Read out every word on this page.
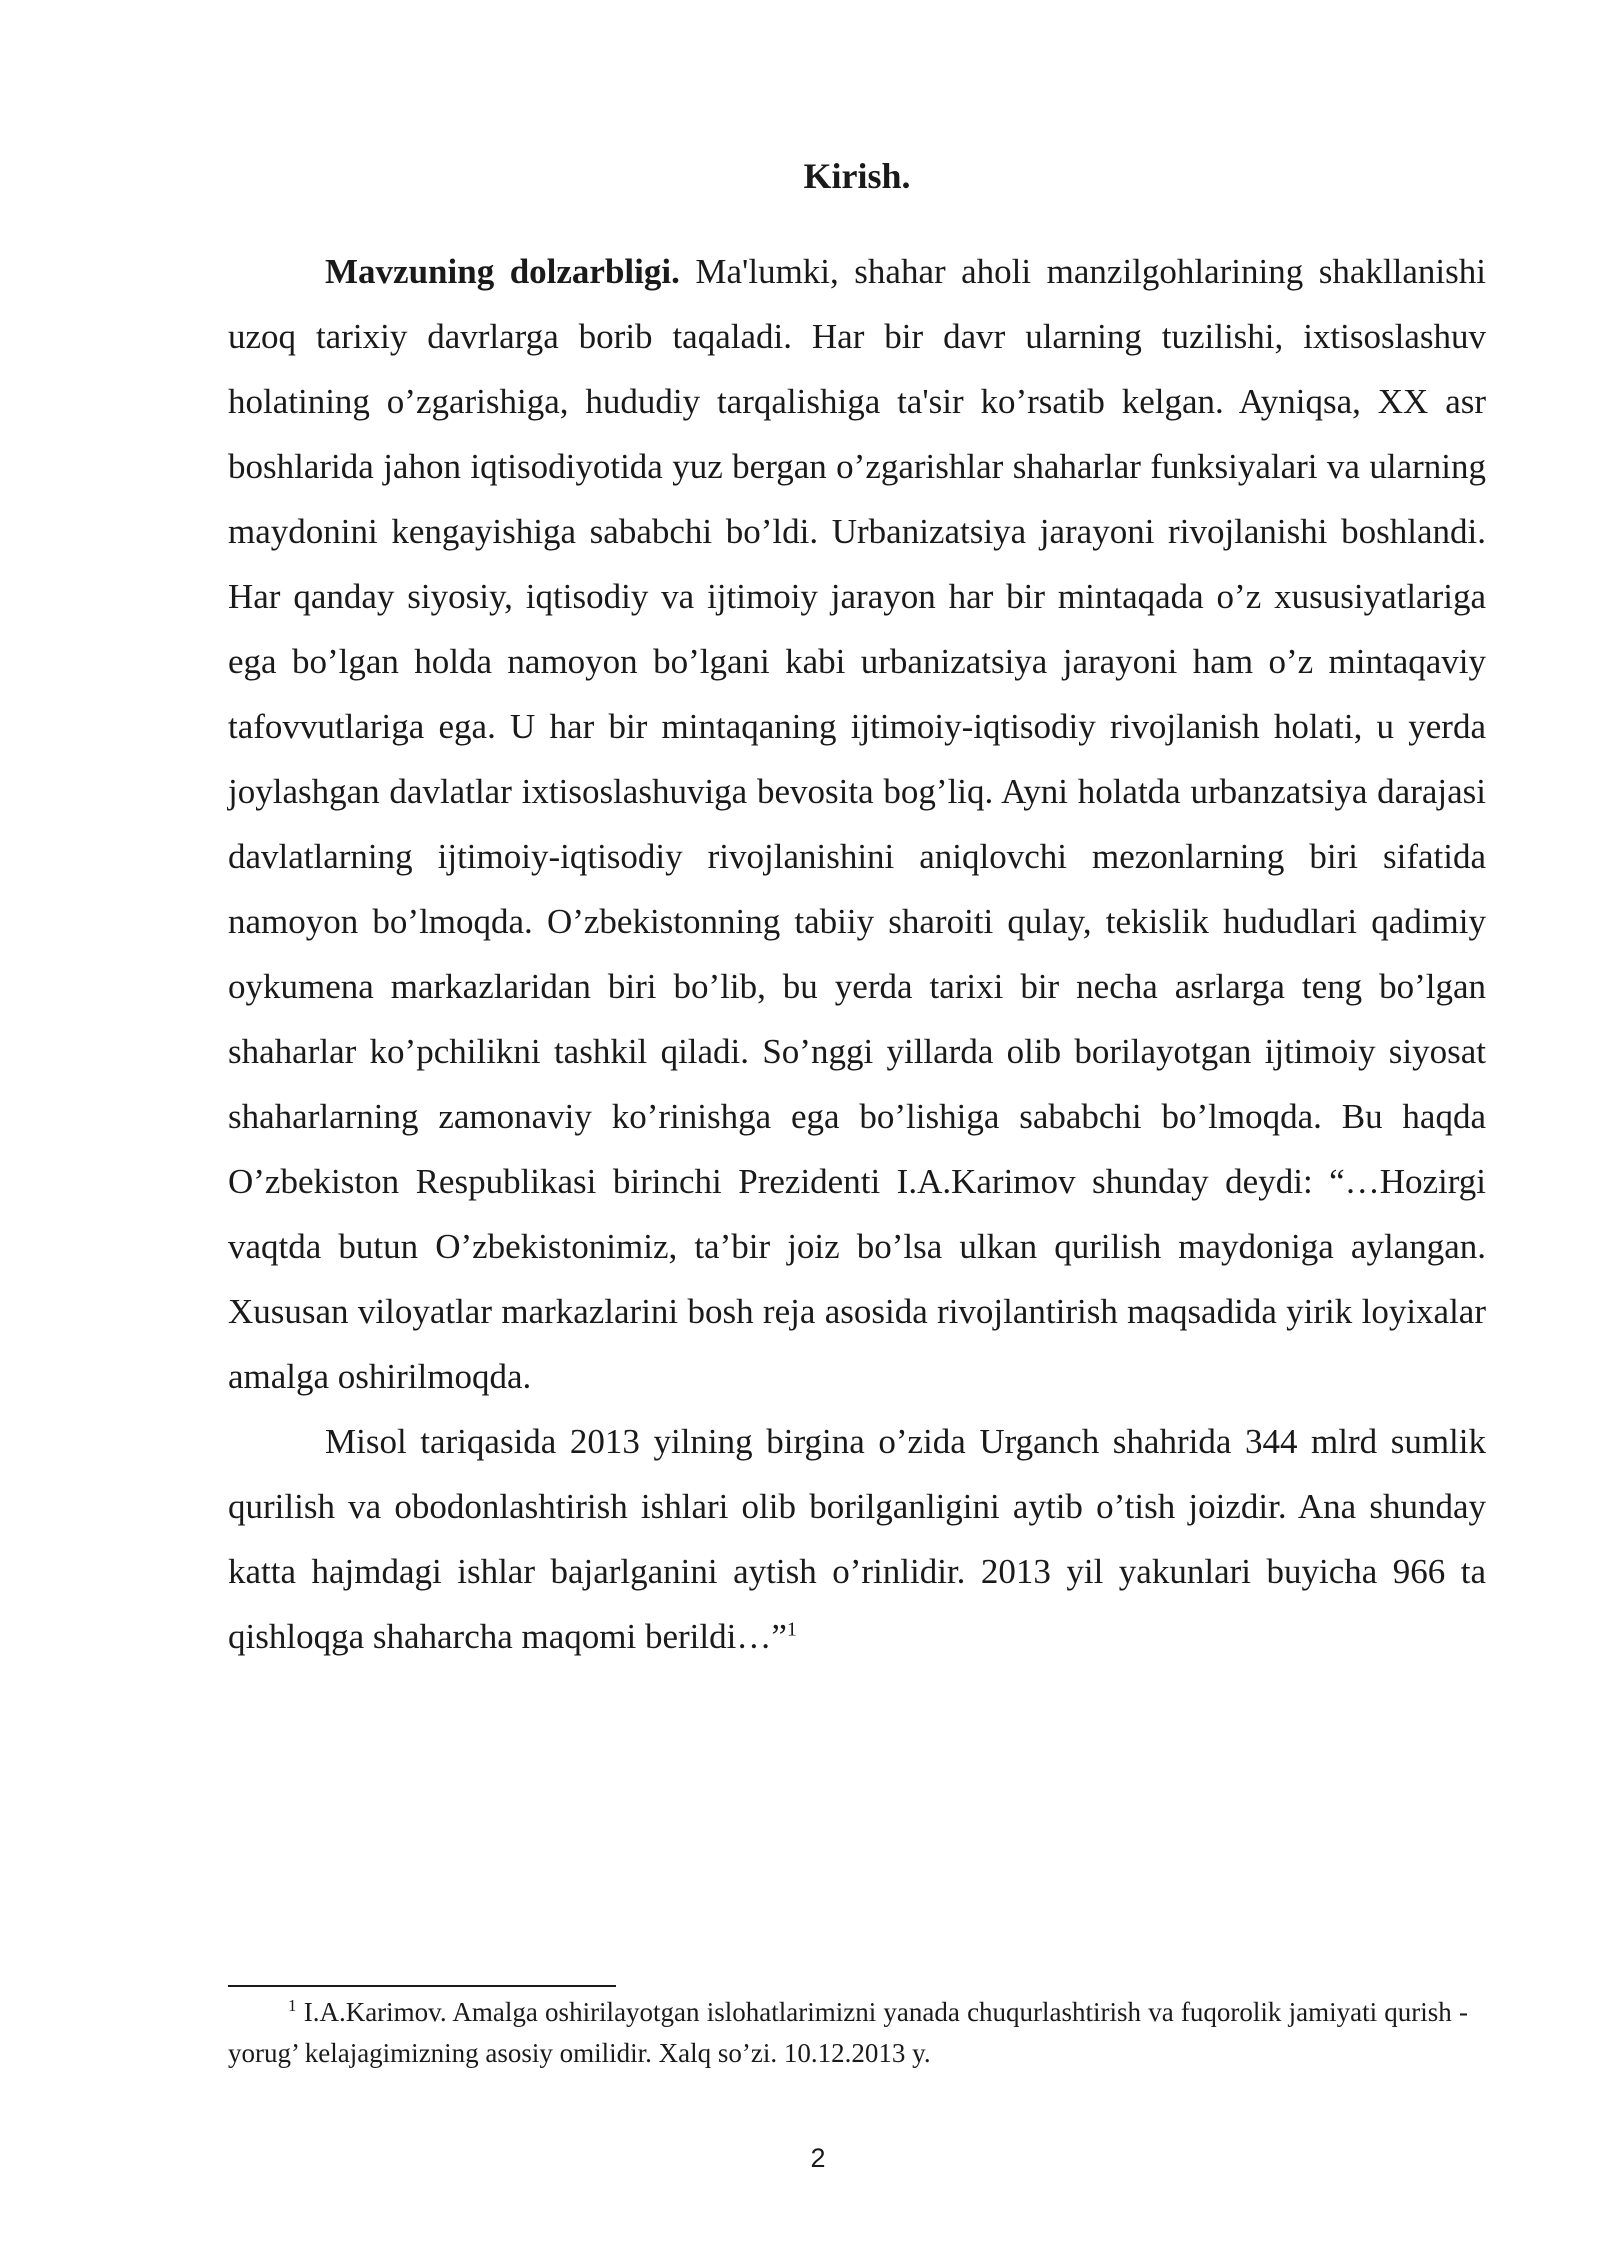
Kirish.

Mavzuning dolzarbligi. Ma'lumki, shahar aholi manzilgohlarining shakllanishi uzoq tarixiy davrlarga borib taqaladi. Har bir davr ularning tuzilishi, ixtisoslashuv holatining o’zgarishiga, hududiy tarqalishiga ta'sir ko’rsatib kelgan. Ayniqsa, XX asr boshlarida jahon iqtisodiyotida yuz bergan o’zgarishlar shaharlar funksiyalari va ularning maydonini kengayishiga sababchi bo’ldi. Urbanizatsiya jarayoni rivojlanishi boshlandi. Har qanday siyosiy, iqtisodiy va ijtimoiy jarayon har bir mintaqada o’z xususiyatlariga ega bo’lgan holda namoyon bo’lgani kabi urbanizatsiya jarayoni ham o’z mintaqaviy tafovvutlariga ega. U har bir mintaqaning ijtimoiy-iqtisodiy rivojlanish holati, u yerda joylashgan davlatlar ixtisoslashuviga bevosita bog’liq. Ayni holatda urbanzatsiya darajasi davlatlarning ijtimoiy-iqtisodiy rivojlanishini aniqlovchi mezonlarning biri sifatida namoyon bo’lmoqda. O’zbekistonning tabiiy sharoiti qulay, tekislik hududlari qadimiy oykumena markazlaridan biri bo’lib, bu yerda tarixi bir necha asrlarga teng bo’lgan shaharlar ko’pchilikni tashkil qiladi. So’nggi yillarda olib borilayotgan ijtimoiy siyosat shaharlarning zamonaviy ko’rinishga ega bo’lishiga sababchi bo’lmoqda. Bu haqda O’zbekiston Respublikasi birinchi Prezidenti I.A.Karimov shunday deydi: “…Hozirgi vaqtda butun O’zbekistonimiz, ta’bir joiz bo’lsa ulkan qurilish maydoniga aylangan. Xususan viloyatlar markazlarini bosh reja asosida rivojlantirish maqsadida yirik loyixalar amalga oshirilmoqda.

Misol tariqasida 2013 yilning birgina o’zida Urganch shahrida 344 mlrd sumlik qurilish va obodonlashtirish ishlari olib borilganligini aytib o’tish joizdir. Ana shunday katta hajmdagi ishlar bajarlganini aytish o’rinlidir. 2013 yil yakunlari buyicha 966 ta qishloqga shaharcha maqomi berildi…”$^1$

$^1$ I.A.Karimov. Amalga oshirilayotgan islohatlarimizni yanada chuqurlashtirish va fuqorolik jamiyati qurish - yorug’ kelajagimizning asosiy omilidir. Xalq so’zi. 10.12.2013 y.

2
